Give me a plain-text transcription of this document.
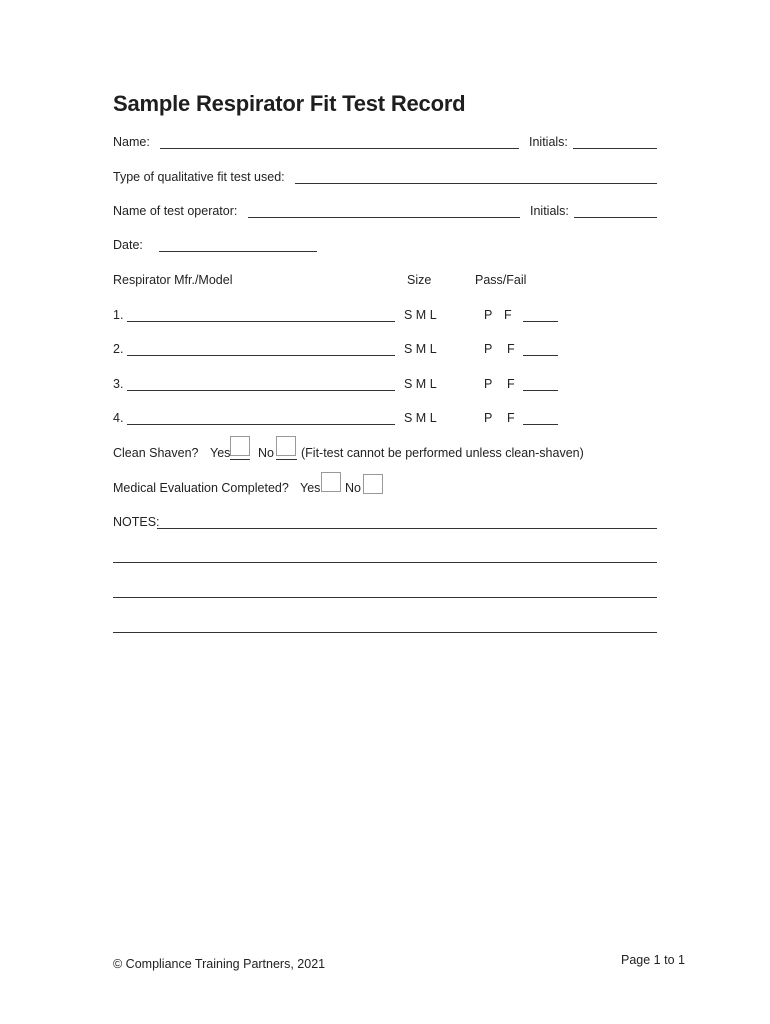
Sample Respirator Fit Test Record
Name:	Initials:
Type of qualitative fit test used:
Name of test operator:	Initials:
Date:
Respirator Mfr./Model	Size	Pass/Fail
1.	S M L	P F
2.	S M L	P F
3.	S M L	P F
4.	S M L	P F
Clean Shaven? Yes No (Fit-test cannot be performed unless clean-shaven)
Medical Evaluation Completed? Yes No
NOTES:
© Compliance Training Partners, 2021	Page 1 to 1
